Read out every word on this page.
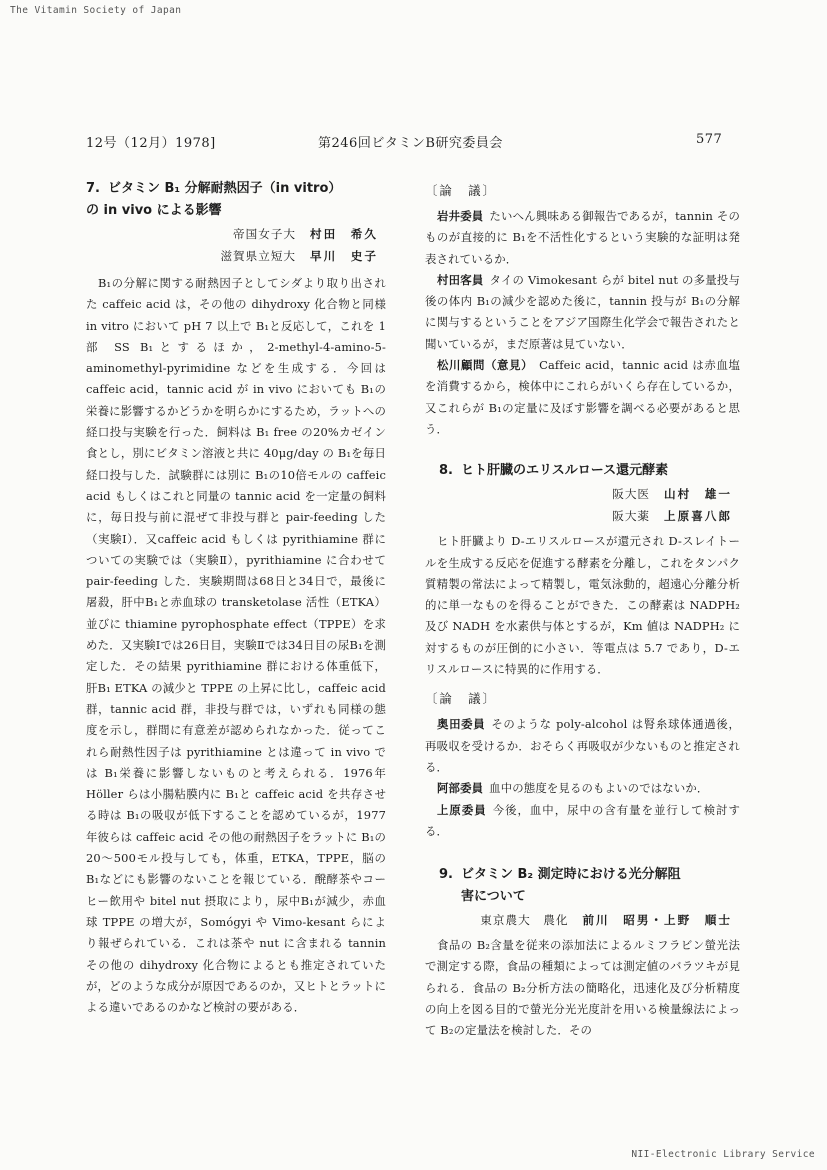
The Vitamin Society of Japan
12号（12月）1978]	第246回ビタミンB研究委員会	577
7. ビタミン B₁ 分解耐熱因子（in vitro）
の in vivo による影響
帝国女子大 村田　希久
滋賀県立短大 早川　史子
B₁の分解に関する耐熱因子としてシダより取り出された caffeic acid は，その他の dihydroxy 化合物と同様 in vitro において pH 7 以上で B₁と反応して，これを 1 部 SS B₁とするほか，2-methyl-4-amino-5-aminomethyl-pyrimidine などを生成する．今回は caffeic acid，tannic acid が in vivo においても B₁の栄養に影響するかどうかを明らかにするため，ラットへの経口投与実験を行った．飼料は B₁ free の20%カゼイン食とし，別にビタミン溶液と共に 40μg/day の B₁を毎日経口投与した．試験群には別に B₁の10倍モルの caffeic acid もしくはこれと同量の tannic acid を一定量の飼料に，毎日投与前に混ぜて非投与群と pair-feeding した（実験Ⅰ）．又caffeic acid もしくは pyrithiamine 群についての実験では（実験Ⅱ），pyrithiamine に合わせて pair-feeding した．実験期間は68日と34日で，最後に屠殺，肝中B₁と赤血球の transketolase 活性（ETKA）並びに thiamine pyrophosphate effect（TPPE）を求めた．又実験Ⅰでは26日目，実験Ⅱでは34日目の尿B₁を測定した．その結果 pyrithiamine 群における体重低下，肝B₁ ETKA の減少と TPPE の上昇に比し，caffeic acid 群，tannic acid 群，非投与群では，いずれも同様の態度を示し，群間に有意差が認められなかった．従ってこれら耐熱性因子は pyrithiamine とは違って in vivo では B₁栄養に影響しないものと考えられる．1976年 Höller らは小腸粘膜内に B₁と caffeic acid を共存させる時は B₁の吸収が低下することを認めているが，1977年彼らは caffeic acid その他の耐熱因子をラットに B₁の20～500モル投与しても，体重，ETKA，TPPE，脳の B₁などにも影響のないことを報じている．醗酵茶やコーヒー飲用や bitel nut 摂取により，尿中B₁が減少，赤血球 TPPE の増大が，Somógyi や Vimo-kesant らにより報ぜられている．これは茶や nut に含まれる tannin その他の dihydroxy 化合物によるとも推定されていたが，どのような成分が原因であるのか，又ヒトとラットによる違いであるのかなど検討の要がある．
〔論　議〕

岩井委員 たいへん興味ある御報告であるが，tannin そのものが直接的に B₁を不活性化するという実験的な証明は発表されているか．

村田客員 タイの Vimokesant らが bitel nut の多量投与後の体内 B₁の減少を認めた後に，tannin 投与が B₁の分解に関与するということをアジア国際生化学会で報告されたと聞いているが，まだ原著は見ていない．

松川顧問（意見） Caffeic acid，tannic acid は赤血塩を消費するから，検体中にこれらがいくら存在しているか，又これらが B₁の定量に及ぼす影響を調べる必要があると思う．

8. ヒト肝臓のエリスルロース還元酵素
阪大医 山村　雄一
阪大薬 上原喜八郎
ヒト肝臓より D-エリスルロースが還元され D-スレイトールを生成する反応を促進する酵素を分離し，これをタンパク質精製の常法によって精製し，電気泳動的，超遠心分離分析的に単一なものを得ることができた．この酵素は NADPH₂ 及び NADH を水素供与体とするが，Km 値は NADPH₂ に対するものが圧倒的に小さい．等電点は 5.7 であり，D-エリスルロースに特異的に作用する．
〔論　議〕

奥田委員 そのような poly-alcohol は腎糸球体通過後，再吸収を受けるか．おそらく再吸収が少ないものと推定される．

阿部委員 血中の態度を見るのもよいのではないか．

上原委員 今後，血中，尿中の含有量を並行して検討する．

9. ビタミン B₂ 測定時における光分解阻
害について
東京農大　農化 前川　昭男・上野　順士
食品の B₂含量を従来の添加法によるルミフラビン螢光法で測定する際，食品の種類によっては測定値のバラツキが見られる．食品の B₂分析方法の簡略化，迅速化及び分析精度の向上を図る目的で螢光分光光度計を用いる検量線法によって B₂の定量法を検討した．その
NII-Electronic Library Service
